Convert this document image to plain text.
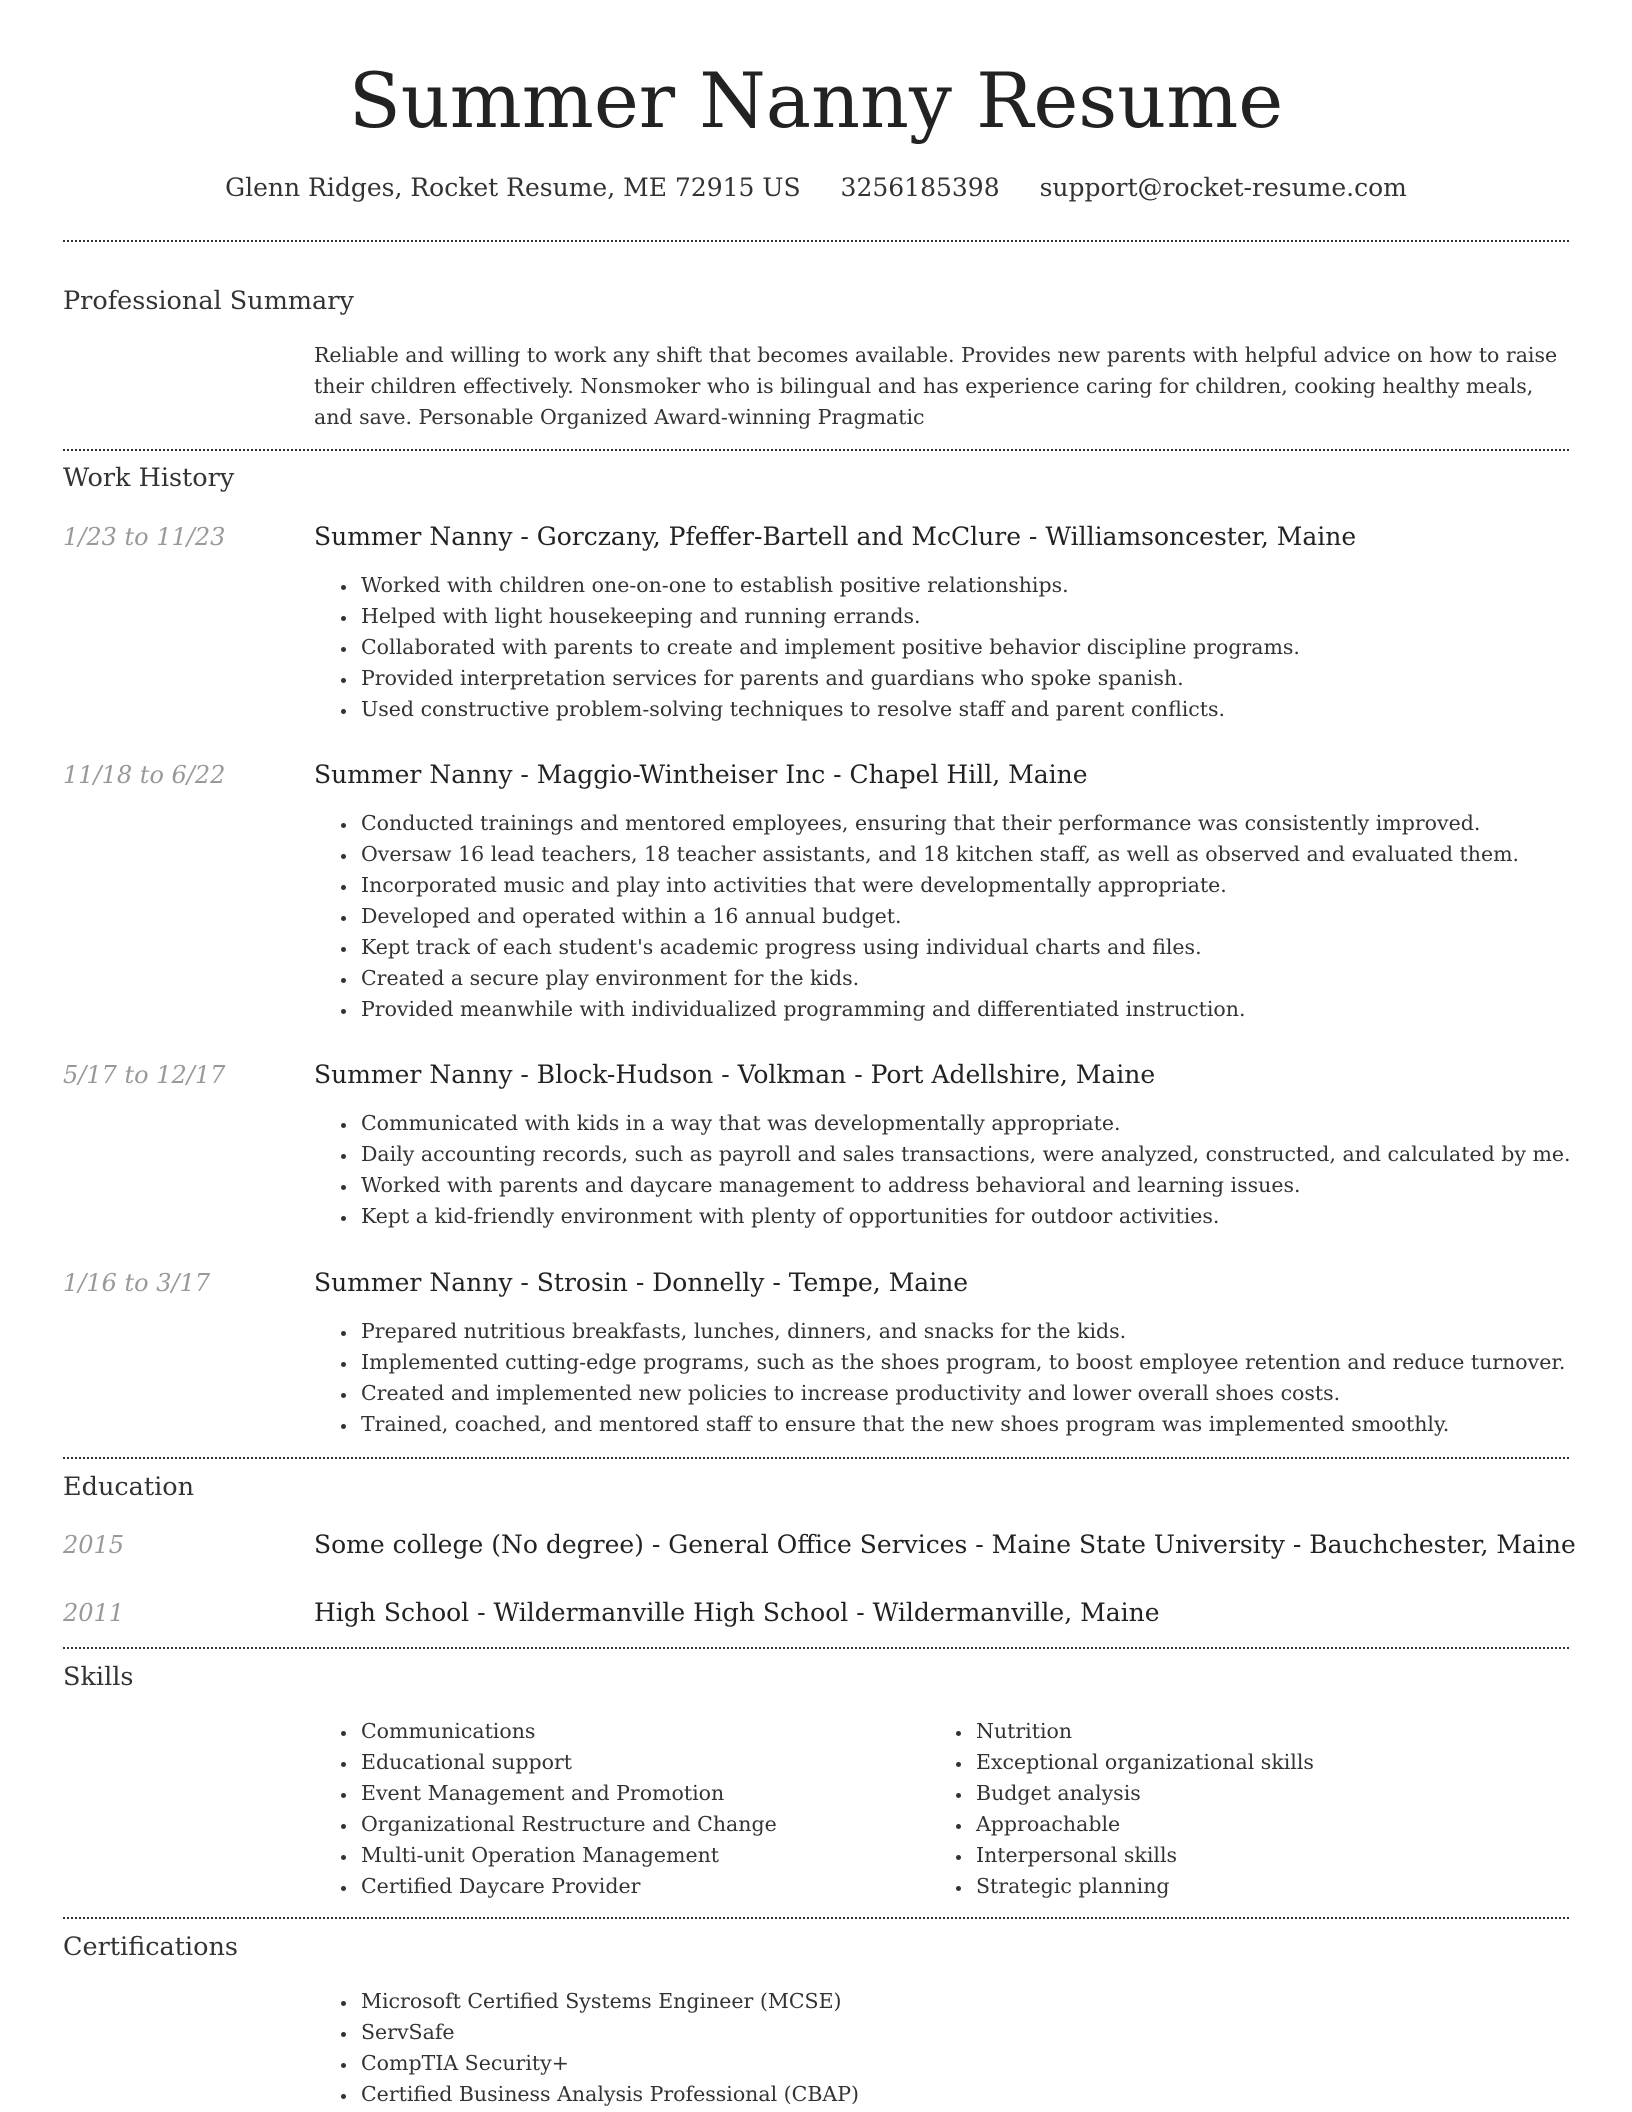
Summer Nanny Resume
Glenn Ridges, Rocket Resume, ME 72915 US 3256185398 support@rocket-resume.com
Professional Summary

Reliable and willing to work any shift that becomes available. Provides new parents with helpful advice on how to raise their children effectively. Nonsmoker who is bilingual and has experience caring for children, cooking healthy meals, and save. Personable Organized Award-winning Pragmatic

Work History
1/23 to 11/23	Summer Nanny - Gorczany, Pfeffer-Bartell and McClure - Williamsoncester, Maine
• Worked with children one-on-one to establish positive relationships.
• Helped with light housekeeping and running errands.
• Collaborated with parents to create and implement positive behavior discipline programs.
• Provided interpretation services for parents and guardians who spoke spanish.
• Used constructive problem-solving techniques to resolve staff and parent conflicts.
11/18 to 6/22	Summer Nanny - Maggio-Wintheiser Inc - Chapel Hill, Maine
• Conducted trainings and mentored employees, ensuring that their performance was consistently improved.
• Oversaw 16 lead teachers, 18 teacher assistants, and 18 kitchen staff, as well as observed and evaluated them.
• Incorporated music and play into activities that were developmentally appropriate.
• Developed and operated within a 16 annual budget.
• Kept track of each student's academic progress using individual charts and files.
• Created a secure play environment for the kids.
• Provided meanwhile with individualized programming and differentiated instruction.
5/17 to 12/17	Summer Nanny - Block-Hudson - Volkman - Port Adellshire, Maine
• Communicated with kids in a way that was developmentally appropriate.
• Daily accounting records, such as payroll and sales transactions, were analyzed, constructed, and calculated by me.
• Worked with parents and daycare management to address behavioral and learning issues.
• Kept a kid-friendly environment with plenty of opportunities for outdoor activities.
1/16 to 3/17	Summer Nanny - Strosin - Donnelly - Tempe, Maine
• Prepared nutritious breakfasts, lunches, dinners, and snacks for the kids.
• Implemented cutting-edge programs, such as the shoes program, to boost employee retention and reduce turnover.
• Created and implemented new policies to increase productivity and lower overall shoes costs.
• Trained, coached, and mentored staff to ensure that the new shoes program was implemented smoothly.
Education
2015	Some college (No degree) - General Office Services - Maine State University - Bauchchester, Maine
2011	High School - Wildermanville High School - Wildermanville, Maine
Skills
• Communications
• Educational support
• Event Management and Promotion
• Organizational Restructure and Change
• Multi-unit Operation Management
• Certified Daycare Provider
• Nutrition
• Exceptional organizational skills
• Budget analysis
• Approachable
• Interpersonal skills
• Strategic planning
Certifications
• Microsoft Certified Systems Engineer (MCSE)
• ServSafe
• CompTIA Security+
• Certified Business Analysis Professional (CBAP)
